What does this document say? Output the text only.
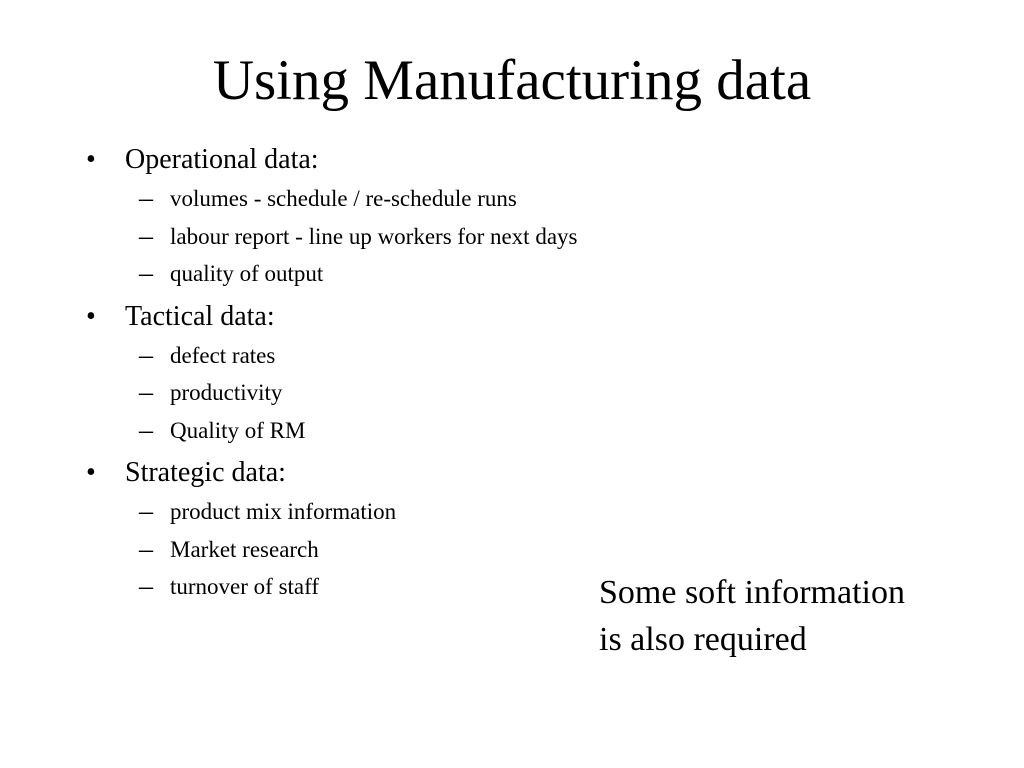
Using Manufacturing data
• Operational data:
– volumes - schedule / re-schedule runs
– labour report - line up workers for next days
– quality of output
• Tactical data:
– defect rates
– productivity
– Quality of RM
• Strategic data:
– product mix information
– Market research
– turnover of staff	Some soft information
is also required
